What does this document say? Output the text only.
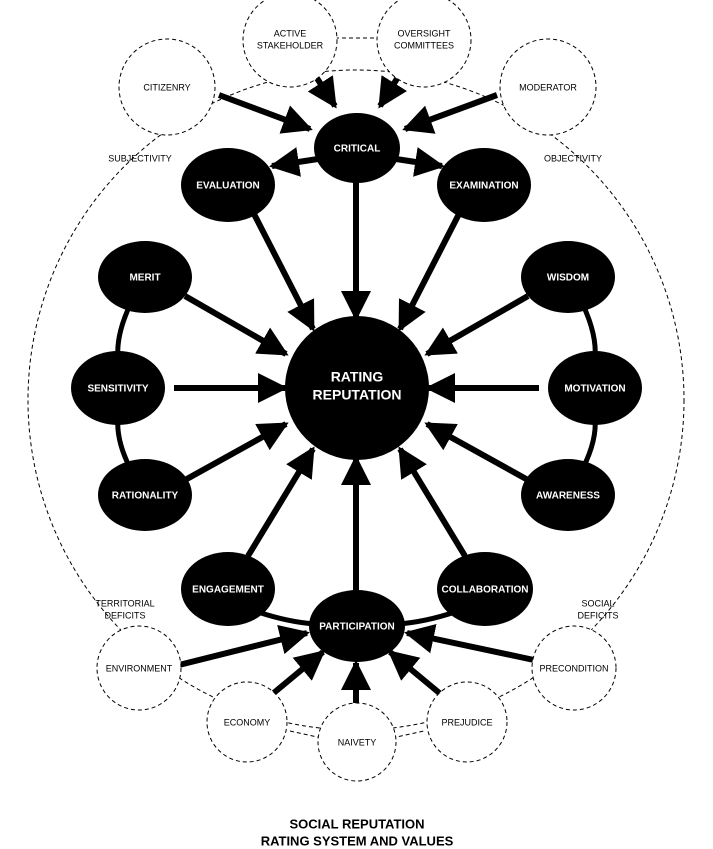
CITIZENRY
ACTIVE
STAKEHOLDER
OVERSIGHT
COMMITTEES
MODERATOR
ENVIRONMENT
ECONOMY
NAIVETY
PREJUDICE
PRECONDITION
CRITICAL
EVALUATION	EXAMINATION
MERIT
SENSITIVITY
RATIONALITY
WISDOM
MOTIVATION
AWARENESS
ENGAGEMENT	COLLABORATION
PARTICIPATION
RATING
REPUTATION
SUBJECTIVITY	OBJECTIVITY
TERRITORIAL
DEFICITS
SOCIAL
DEFICITS
SOCIAL REPUTATION
RATING SYSTEM AND VALUES
